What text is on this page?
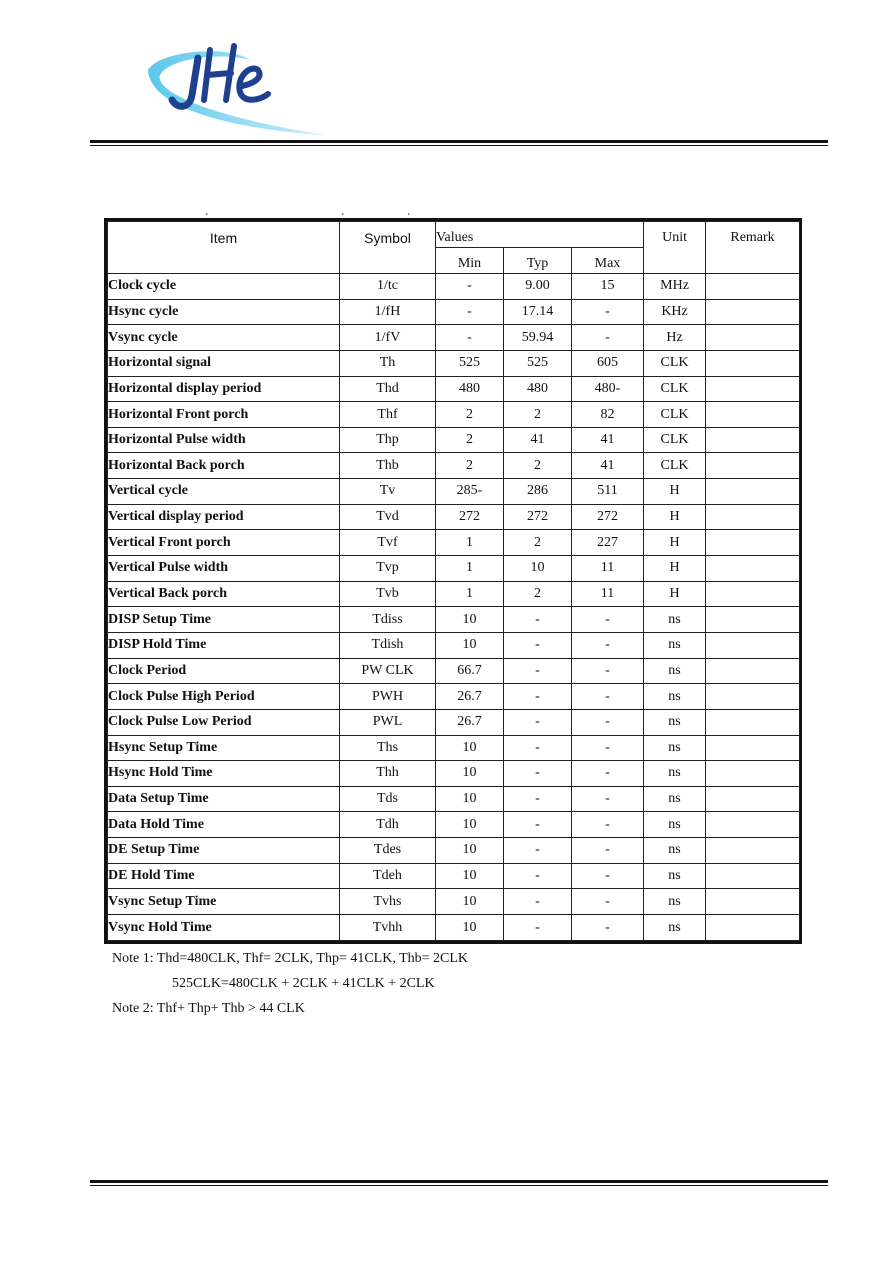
'	'	'	.
Item	Symbol	Values			Unit	Remark
		Min	Typ	Max		
Clock cycle	1/tc	-	9.00	15	MHz	
Hsync cycle	1/fH	-	17.14	-	KHz	
Vsync cycle	1/fV	-	59.94	-	Hz	
Horizontal signal	Th	525	525	605	CLK	
Horizontal display period	Thd	480	480	480-	CLK	
Horizontal Front porch	Thf	2	2	82	CLK	
Horizontal Pulse width	Thp	2	41	41	CLK	
Horizontal Back porch	Thb	2	2	41	CLK	
Vertical cycle	Tv	285-	286	511	H	
Vertical display period	Tvd	272	272	272	H	
Vertical Front porch	Tvf	1	2	227	H	
Vertical Pulse width	Tvp	1	10	11	H	
Vertical Back porch	Tvb	1	2	11	H	
DISP Setup Time	Tdiss	10	-	-	ns	
DISP Hold Time	Tdish	10	-	-	ns	
Clock Period	PW CLK	66.7	-	-	ns	
Clock Pulse High Period	PWH	26.7	-	-	ns	
Clock Pulse Low Period	PWL	26.7	-	-	ns	
Hsync Setup Time	Ths	10	-	-	ns	
Hsync Hold Time	Thh	10	-	-	ns	
Data Setup Time	Tds	10	-	-	ns	
Data Hold Time	Tdh	10	-	-	ns	
DE Setup Time	Tdes	10	-	-	ns	
DE Hold Time	Tdeh	10	-	-	ns	
Vsync Setup Time	Tvhs	10	-	-	ns	
Vsync Hold Time	Tvhh	10	-	-	ns	
Note 1: Thd=480CLK, Thf= 2CLK, Thp= 41CLK, Thb= 2CLK
525CLK=480CLK + 2CLK + 41CLK + 2CLK
Note 2: Thf+ Thp+ Thb > 44 CLK
